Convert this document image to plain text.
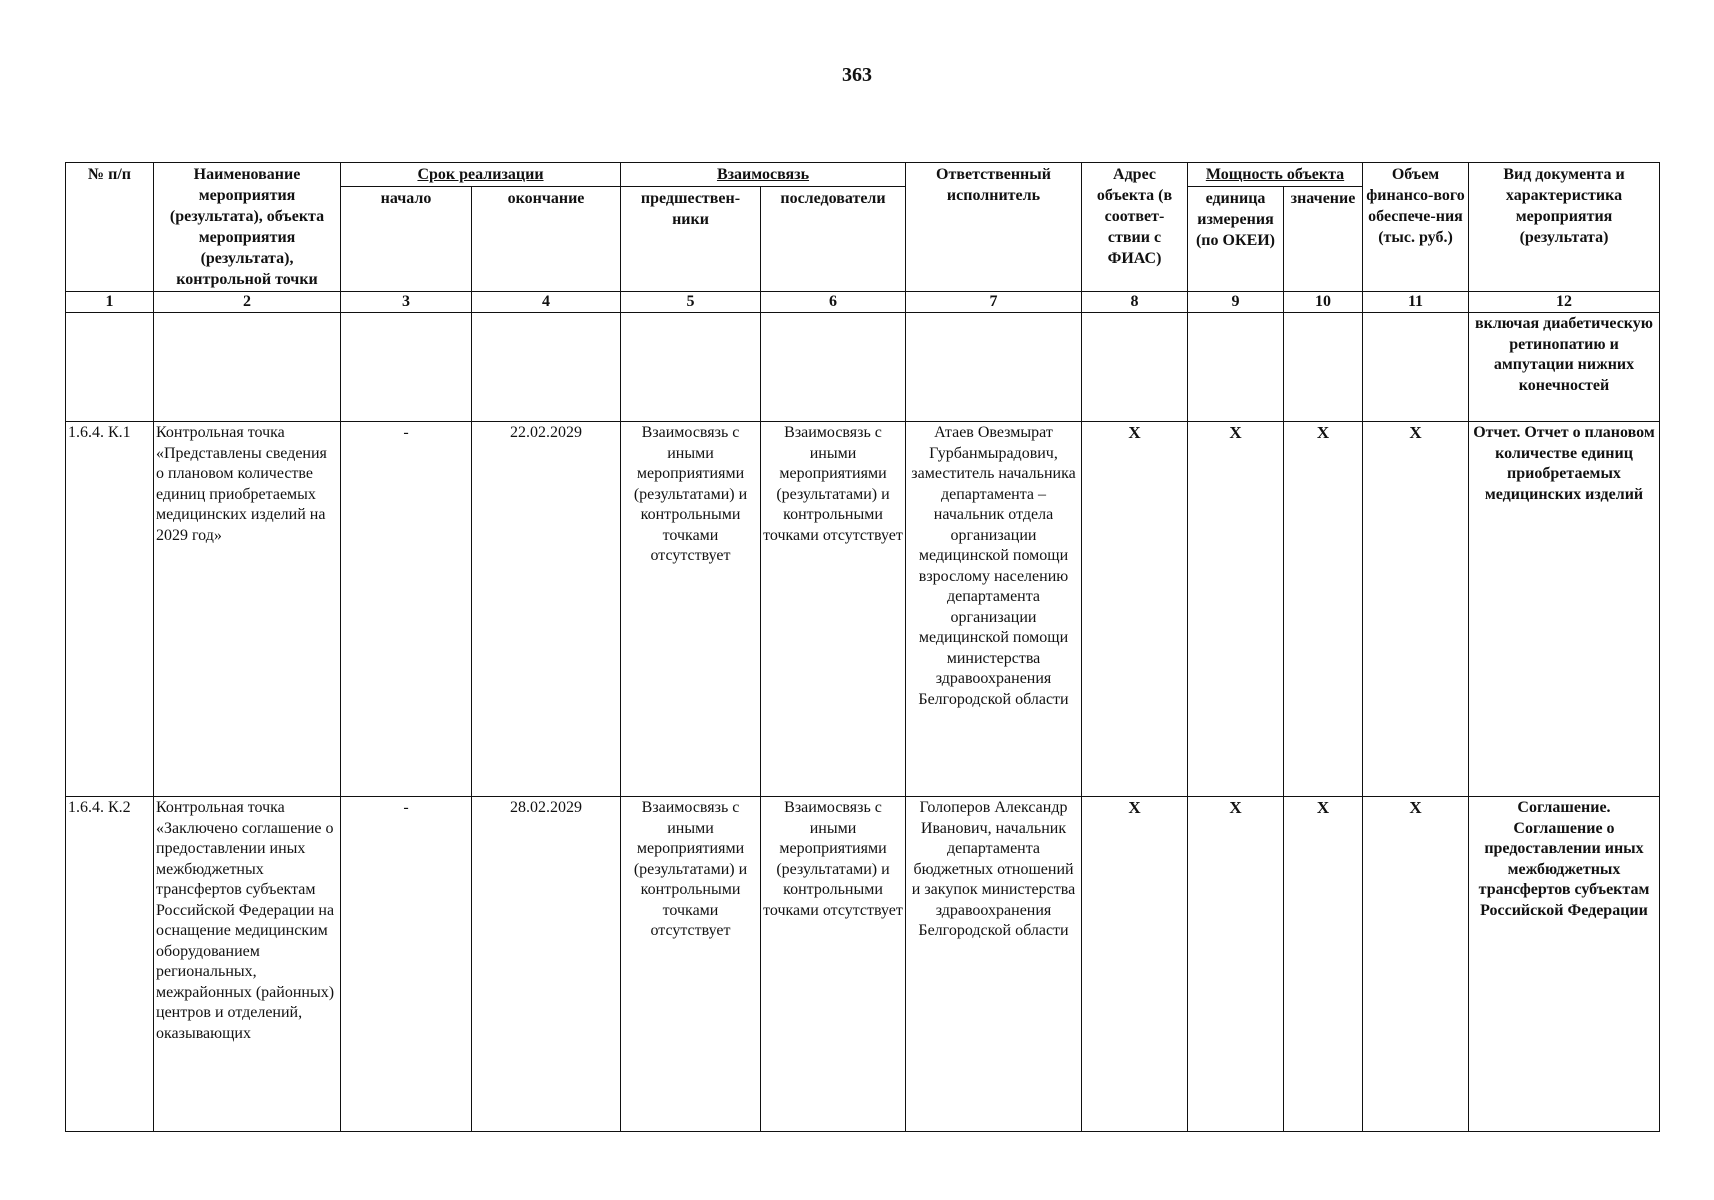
363
№ п/п	Наименование мероприятия (результата), объекта мероприятия (результата), контрольной точки	Срок реализации		Взаимосвязь		Ответственный исполнитель	Адрес объекта (в соответ-ствии с ФИАС)	Мощность объекта		Объем финансо-вого обеспече-ния (тыс. руб.)	Вид документа и характеристика мероприятия (результата)
		начало	окончание	предшествен-ники	последователи			единица измерения (по ОКЕИ)	значение		
1	2	3	4	5	6	7	8	9	10	11	12
											включая диабетическую ретинопатию и ампутации нижних конечностей
1.6.4. К.1	Контрольная точка «Представлены сведения о плановом количестве единиц приобретаемых медицинских изделий на 2029 год»	-	22.02.2029	Взаимосвязь с иными мероприятиями (результатами) и контрольными точками отсутствует	Взаимосвязь с иными мероприятиями (результатами) и контрольными точками отсутствует	Атаев Овезмырат Гурбанмырадович, заместитель начальника департамента – начальник отдела организации медицинской помощи взрослому населению департамента организации медицинской помощи министерства здравоохранения Белгородской области	X	X	X	X	Отчет. Отчет о плановом количестве единиц приобретаемых медицинских изделий
1.6.4. К.2	Контрольная точка «Заключено соглашение о предоставлении иных межбюджетных трансфертов субъектам Российской Федерации на оснащение медицинским оборудованием региональных, межрайонных (районных) центров и отделений, оказывающих	-	28.02.2029	Взаимосвязь с иными мероприятиями (результатами) и контрольными точками отсутствует	Взаимосвязь с иными мероприятиями (результатами) и контрольными точками отсутствует	Голоперов Александр Иванович, начальник департамента бюджетных отношений и закупок министерства здравоохранения Белгородской области	X	X	X	X	Соглашение. Соглашение о предоставлении иных межбюджетных трансфертов субъектам Российской Федерации
